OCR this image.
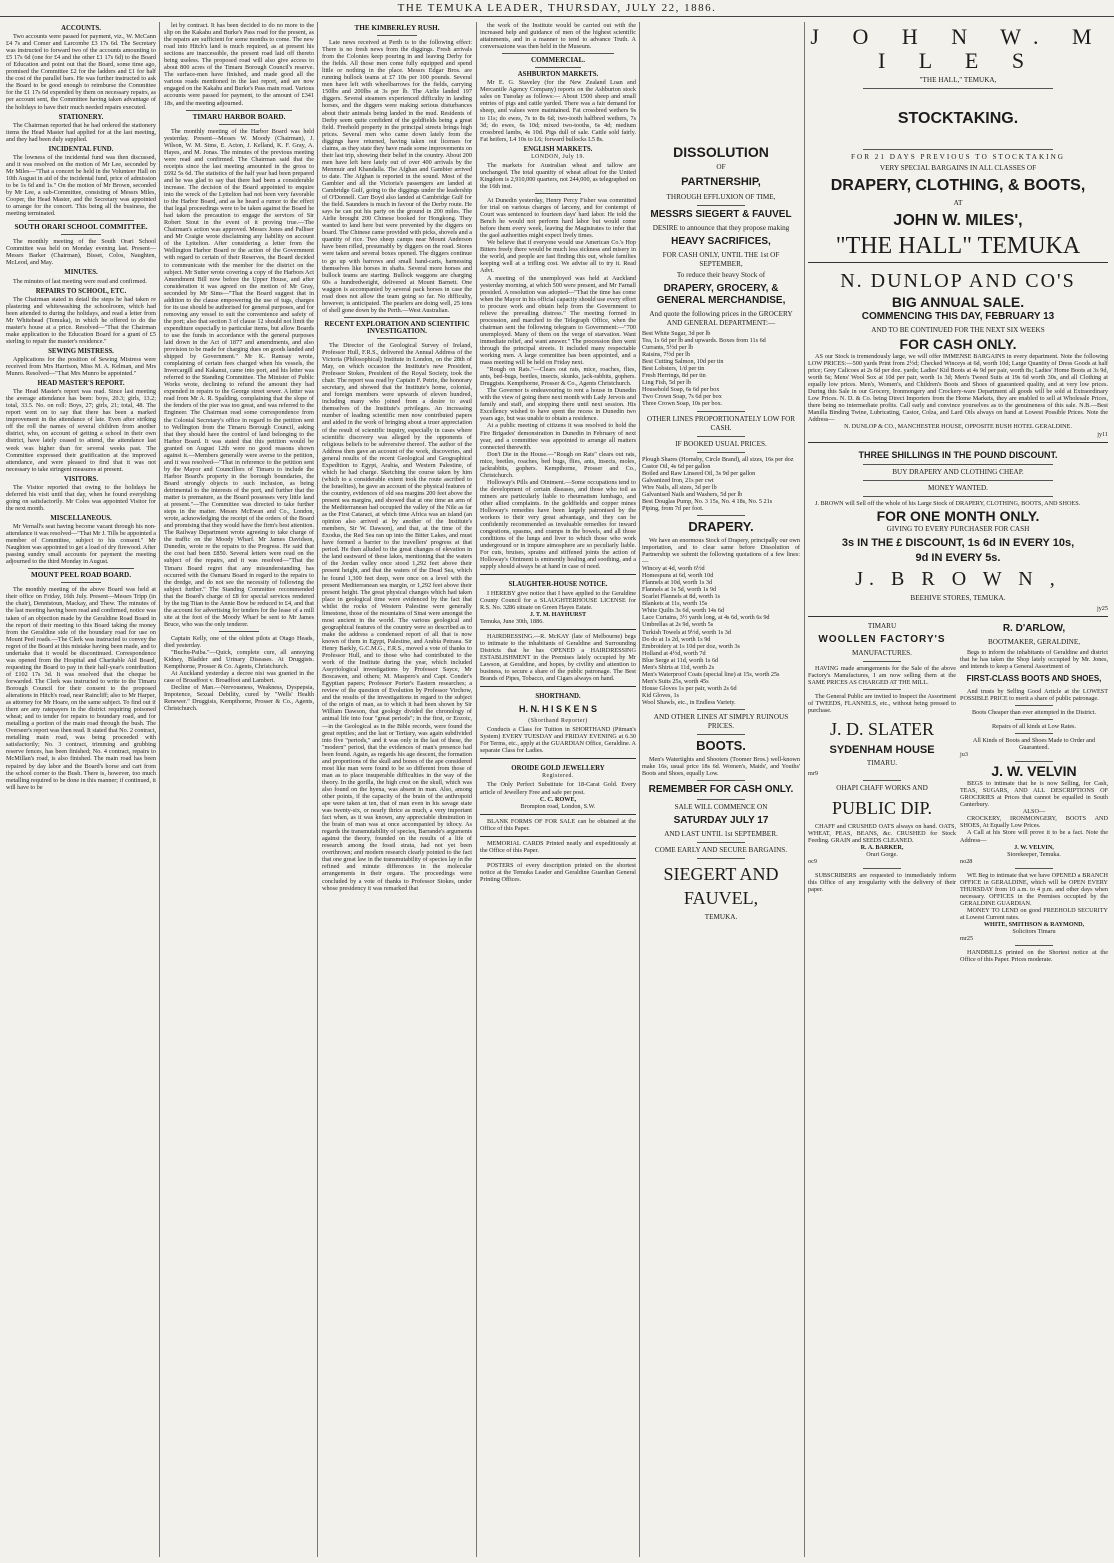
THE TEMUKA LEADER, THURSDAY, JULY 22, 1886.
ACCOUNTS.

Two accounts were passed for payment, viz., W. McCann £4 7s and Comer and Larcombe £3 17s 6d. The Secretary was instructed to forward two of the accounts amounting to £5 17s 6d (one for £4 and the other £1 17s 6d) to the Board of Education and point out that the Board, some time ago, promised the Committee £2 for the ladders and £1 for half the cost of the parallel bars. He was further instructed to ask the Board to be good enough to reimburse the Committee for the £1 17s 6d expended by them on necessary repairs, as per account sent, the Committee having taken advantage of the holidays to have their much needed repairs executed.

STATIONERY.

The Chairman reported that he had ordered the stationery items the Head Master had applied for at the last meeting, and they had been duly supplied.

INCIDENTAL FUND.

The lowness of the incidental fund was then discussed, and it was resolved on the motion of Mr Lee, seconded by Mr Miles—"That a concert be held in the Volunteer Hall on 10th August in aid of the incidental fund, price of admission to be 1s 6d and 1s." On the motion of Mr Brown, seconded by Mr Lee, a sub-Committee, consisting of Messrs Miles, Cooper, the Head Master, and the Secretary was appointed to arrange for the concert. This being all the business, the meeting terminated.

SOUTH ORARI SCHOOL COMMITTEE.

The monthly meeting of the South Orari School Committee was held on Monday evening last. Present—Messrs Barker (Chairman), Bisset, Colos, Naughten, McLeod, and May.

MINUTES.

The minutes of last meeting were read and confirmed.

REPAIRS TO SCHOOL, ETC.

The Chairman stated in detail the steps he had taken re plastering and whitewashing the schoolroom, which had been attended to during the holidays, and read a letter from Mr Whitehead (Temuka), in which he offered to do the master's house at a price. Resolved—"That the Chairman make application to the Education Board for a grant of £5 sterling to repair the master's residence."

SEWING MISTRESS.

Applications for the position of Sewing Mistress were received from Mrs Harrison, Miss M. A. Kelman, and Mrs Munro. Resolved—"That Mrs Munro be appointed."

HEAD MASTER'S REPORT.

The Head Master's report was read. Since last meeting the average attendance has been: boys, 20.3; girls, 13.2; total, 33.5. No. on roll: Boys, 27; girls, 21; total, 48. The report went on to say that there has been a marked improvement in the attendance of late. Even after striking off the roll the names of several children from another district, who, on account of getting a school in their own district, have lately ceased to attend, the attendance last week was higher than for several weeks past. The Committee expressed their gratification at the improved attendance, and were pleased to find that it was not necessary to take stringent measures at present.

VISITORS.

The Visitor reported that owing to the holidays he deferred his visit until that day, when he found everything going on satisfactorily. Mr Coles was appointed Visitor for the next month.

MISCELLANEOUS.

Mr Vernall's seat having become vacant through his non-attendance it was resolved—"That Mr J. Tills be appointed a member of Committee, subject to his consent." Mr Naughton was appointed to get a load of dry firewood. After passing sundry small accounts for payment the meeting adjourned to the third Monday in August.

MOUNT PEEL ROAD BOARD.

The monthly meeting of the above Board was held at their office on Friday, 16th July. Present—Messrs Tripp (in the chair), Dennistoun, Mackay, and Thew. The minutes of the last meeting having been read and confirmed, notice was taken of an objection made by the Geraldine Road Board in the report of their meeting to this Board taking the money from the Geraldine side of the boundary road for use on Mount Peel roads.—The Clerk was instructed to convey the regret of the Board at this mistake having been made, and to undertake that it would be discontinued. Correspondence was opened from the Hospital and Charitable Aid Board, requesting the Board to pay in their half-year's contribution of £102 17s 3d. It was resolved that the cheque be forwarded. The Clerk was instructed to write to the Timaru Borough Council for their consent to the proposed alterations in Hitch's road, near Raincliff; also to Mr Harper, as attorney for Mr Hoare, on the same subject. To find out if there are any ratepayers in the district requiring poisoned wheat; and to tender for repairs to boundary road, and for metalling a portion of the main road through the bush. The Overseer's report was then read. It stated that No. 2 contract, metalling main road, was being proceeded with satisfactorily; No. 3 contract, trimming and grubbing reserve fences, has been finished; No. 4 contract, repairs to McMillan's road, is also finished. The main road has been repaired by day labor and the Board's horse and cart from the school corner to the Bush. There is, however, too much metalling required to be done in this manner; if continued, it will have to be

let by contract. It has been decided to do no more to the slip on the Kakahu and Burke's Pass road for the present, as the repairs are sufficient for some months to come. The new road into Hitch's land is much required, as at present his sections are inaccessible, the present road laid off thereto being useless. The proposed road will also give access to about 800 acres of the Timaru Borough Council's reserve. The surface-men have finished, and made good all the various roads mentioned in the last report, and are now engaged on the Kakahu and Burke's Pass main road. Various accounts were passed for payment, to the amount of £341 18s, and the meeting adjourned.

TIMARU HARBOR BOARD.

The monthly meeting of the Harbor Board was held yesterday. Present—Messrs W. Moody (Chairman), J. Wilson, W. M. Sims, E. Acton, J. Kelland, K. F. Gray, A. Hayes, and M. Jonas. The minutes of the previous meeting were read and confirmed. The Chairman said that the receipts since the last meeting amounted in the gross to £692 5s 6d. The statistics of the half year had been prepared and he was glad to say that there had been a considerable increase. The decision of the Board appointed to enquire into the wreck of the Lyttelton had not been very favorable to the Harbor Board, and as he heard a rumor to the effect that legal proceedings were to be taken against the Board he had taken the precaution to engage the services of Sir Robert Stout in the event of it proving true.—The Chairman's action was approved. Messrs Jones and Palliser and Mr Craigie wrote disclaiming any liability on account of the Lyttelton. After considering a letter from the Wellington Harbor Board re the action of the Government with regard to certain of their Reserves, the Board decided to communicate with the member for the district on the subject. Mr Sutter wrote covering a copy of the Harbors Act Amendment Bill now before the Upper House, and after consideration it was agreed on the motion of Mr Gray, seconded by Mr Sims—"That the Board suggest that in addition to the clause empowering the use of tugs, charges for its use should be authorised for general purposes, and for removing any vessel to suit the convenience and safety of the port; also that section 3 of clause 12 should not limit the expenditure especially to particular items, but allow Boards to use the funds in accordance with the general purposes laid down in the Act of 1877 and amendments, and also provision to be made for charging dues on goods landed and shipped by Government." Mr K. Ramsay wrote, complaining of certain fees charged when his vessels, the Invercargill and Kakanui, came into port, and his letter was referred to the Standing Committee. The Minister of Public Works wrote, declining to refund the amount they had expended in repairs to the George street sewer. A letter was read from Mr A. R. Spalding, complaining that the slope of the fenders of the pier was too great, and was referred to the Engineer. The Chairman read some correspondence from the Colonial Secretary's office in regard to the petition sent to Wellington from the Timaru Borough Council, asking that they should have the control of land belonging to the Harbor Board. It was stated that this petition would be granted on August 12th were no good reasons shown against it.—Members generally were averse to the petition, and it was resolved—"That in reference to the petition sent by the Mayor and Councillors of Timaru to include the Harbor Board's property in the borough boundaries, the Board strongly objects to such inclusion, as being detrimental to the interests of the port, and further that the matter is premature, as the Board possesses very little land at present."—The Committee was directed to take further steps in the matter. Messrs McEwan and Co., London, wrote, acknowledging the receipt of the orders of the Board and promising that they would have the firm's best attention. The Railway Department wrote agreeing to take charge of the traffic on the Moody Wharf. Mr James Davidson, Dunedin, wrote re the repairs to the Progress. He said that the cost had been £850. Several letters were read on the subject of the repairs, and it was resolved—"That the Timaru Board regret that any misunderstanding has occurred with the Oamaru Board in regard to the repairs to the dredge, and do not see the necessity of following the subject further." The Standing Committee recommended that the Board's charge of £8 for special services rendered by the tug Titan to the Annie Bow be reduced to £4, and that the account for advertising for tenders for the lease of a mill site at the foot of the Moody Wharf be sent to Mr James Bruce, who was the only tenderer.

Captain Kelly, one of the oldest pilots at Otago Heads, died yesterday.

"Buchu-Paiba."—Quick, complete cure, all annoying Kidney, Bladder and Urinary Diseases. At Druggists. Kempthorne, Prosser & Co. Agents, Christchurch.

At Auckland yesterday a decree nisi was granted in the case of Broadfoot v. Broadfoot and Lambert.

Decline of Man.—Nervousness, Weakness, Dyspepsia, Impotence, Sexual Debility, cured by "Wells' Health Renewer." Druggists, Kempthorne, Prosser & Co., Agents, Christchurch.

THE KIMBERLEY RUSH.

Late news received at Perth is to the following effect: There is no fresh news from the diggings. Fresh arrivals from the Colonies keep pouring in and leaving Derby for the fields. All those men come fully equipped and spend little or nothing in the place. Messrs Edgar Bros. are running bullock teams at £7 10s per 100 pounds. Several men have left with wheelbarrows for the fields, carrying 150lbs and 200lbs at 3s per lb. The Airlie landed 197 diggers. Several steamers experienced difficulty in landing horses, and the diggers were making serious disturbances about their animals being landed in the mud. Residents of Derby seem quite confident of the goldfields being a great field. Freehold property in the principal streets brings high prices. Several men who came down lately from the diggings have returned, having taken out licenses for claims, as they state they have made some improvements on their last trip, showing their belief in the country. About 200 men have left here lately out of over 400 arrivals by the Menmuir and Khandalla. The Afghan and Gambier arrived to date. The Afghan is reported in the sound. Most of the Gambier and all the Victoria's passengers are landed at Cambridge Gulf, going to the diggings under the leadership of O'Donnell. Carr Boyd also landed at Cambridge Gulf for the field. Saunders is much in favour of the Derby route. He says he can put his party on the ground in 200 miles. The Airlie brought 200 Chinese booked for Hongkong. They wanted to land here but were prevented by the diggers on board. The Chinese came provided with picks, shovels and a quantity of rice. Two sheep camps near Mount Anderson have been rifled, presumably by diggers on the road. Stores were taken and several boxes opened. The diggers continue to go up with barrows and small hand-carts, harnessing themselves like horses in shafts. Several more horses and bullock teams are starting. Bullock waggons are charging 60s a hundredweight, delivered at Mount Barnett. One waggon is accompanied by several pack horses in case the road does not allow the team going so far. No difficulty, however, is anticipated. The pearlers are doing well, 25 tons of shell gone down by the Perth.—West Australian.

RECENT EXPLORATION AND SCIENTIFIC INVESTIGATION.

The Director of the Geological Survey of Ireland, Professor Hull, F.R.S., delivered the Annual Address of the Victoria (Philosophical) Institute in London, on the 28th of May, on which occasion the Institute's new President, Professor Stokes, President of the Royal Society, took the chair. The report was read by Captain F. Petrie, the honorary secretary, and showed that the Institute's home, colonial, and foreign members were upwards of eleven hundred, including many who joined from a desire to avail themselves of the Institute's privileges. An increasing number of leading scientific men now contributed papers and aided in the work of bringing about a truer appreciation of the result of scientific inquiry, especially in cases where scientific discovery was alleged by the opponents of religious beliefs to be subversive thereof. The author of the Address then gave an account of the work, discoveries, and general results of the recent Geological and Geographical Expedition to Egypt, Arabia, and Western Palestine, of which he had charge. Sketching the course taken by him (which to a considerable extent took the route ascribed to the Israelites), he gave an account of the physical features of the country, evidences of old sea margins 200 feet above the present sea margins, and showed that at one time an arm of the Mediterranean had occupied the valley of the Nile as far as the First Cataract, at which time Africa was an island (an opinion also arrived at by another of the Institute's members, Sir W. Dawson), and that, at the time of the Exodus, the Red Sea ran up into the Bitter Lakes, and must have formed a barrier to the travellers' progress at that period. He then alluded to the great changes of elevation in the land eastward of these lakes, mentioning that the waters of the Jordan valley once stood 1,292 feet above their present height, and that the waters of the Dead Sea, which he found 1,300 feet deep, were once on a level with the present Mediterranean sea margin, or 1,292 feet above their present height. The great physical changes which had taken place in geological time were evidenced by the fact that whilst the rocks of Western Palestine were generally limestone, those of the mountains of Sinai were amongst the most ancient in the world. The various geological and geographical features of the country were so described as to make the address a condensed report of all that is now known of them in Egypt, Palestine, and Arabia Petraea. Sir Henry Barkly, G.C.M.G., F.R.S., moved a vote of thanks to Professor Hull, and to those who had contributed to the work of the Institute during the year, which included Assyriological investigations by Professor Sayce, Mr Boscawen, and others; M. Maspero's and Capt. Conder's Egyptian papers; Professor Porter's Eastern researches; a review of the question of Evolution by Professor Virchow, and the results of the investigations in regard to the subject of the origin of man, as to which it had been shown by Sir William Dawson, that geology divided the chronology of animal life into four "great periods"; in the first, or Eozoic,—in the Geological as in the Bible records, were found the great reptiles; and the last or Tertiary, was again subdivided into five "periods," and it was only in the last of these, the "modern" period, that the evidences of man's presence had been found. Again, as regards his age descent, the formation and proportions of the skull and bones of the ape considered most like man were found to be so different from those of man as to place insuperable difficulties in the way of the theory. In the gorilla, the high crest on the skull, which was also found on the hyena, was absent in man. Also, among other points, if the capacity of the brain of the anthropoid ape were taken at ten, that of man even in his savage state was twenty-six, or nearly thrice as much, a very important fact when, as it was known, any appreciable diminution in the brain of man was at once accompanied by idiocy. As regards the transmutability of species, Barrande's arguments against the theory, founded on the results of a life of research among the fossil strata, had not yet been overthrown; and modern research clearly pointed to the fact that one great law in the transmutability of species lay in the refined and minute differences in the molecular arrangements in their organs. The proceedings were concluded by a vote of thanks to Professor Stokes, under whose presidency it was remarked that

the work of the Institute would be carried out with the increased help and guidance of men of the highest scientific attainments, and in a manner to tend to advance Truth. A conversazione was then held in the Museum.

COMMERCIAL.
ASHBURTON MARKETS.

Mr E. G. Staveley (for the New Zealand Loan and Mercantile Agency Company) reports on the Ashburton stock sales on Tuesday as follows:— About 1500 sheep and small entries of pigs and cattle yarded. There was a fair demand for sheep, and values were maintained. Fat crossbred wethers 9s to 11s; do ewes, 7s to 8s 6d; two-tooth halfbred wethers, 7s 3d; do ewes, 6s 10d; mixed two-tooths, 6s 4d; medium crossbred lambs, 4s 10d. Pigs dull of sale. Cattle sold fairly. Fat heifers, L4 10s to L6; forward bullocks L5 8s.

ENGLISH MARKETS.
LONDON, July 19.

The markets for Australian wheat and tallow are unchanged. The total quantity of wheat afloat for the United Kingdom is 2,910,000 quarters, not 244,000, as telegraphed on the 16th inst.

At Dunedin yesterday, Henry Percy Fisher was committed for trial on various charges of larceny, and for contempt of Court was sentenced to fourteen days' hard labor. He told the Bench he would not perform hard labor but would come before them every week, leaving the Magistrates to infer that the gaol authorities might expect lively times.

We believe that if everyone would use American Co.'s Hop Bitters freely there would be much less sickness and misery in the world, and people are fast finding this out, whole families keeping well at a trifling cost. We advise all to try it. Read Advt.

A meeting of the unemployed was held at Auckland yesterday morning, at which 500 were present, and Mr Farnall presided. A resolution was adopted—"That the time has come when the Mayor in his official capacity should use every effort to procure work and obtain help from the Government to relieve the prevailing distress." The meeting formed in procession, and marched to the Telegraph Office, when the chairman sent the following telegram to Government:—"700 unemployed. Many of them on the verge of starvation. Want immediate relief, and want answer." The procession then went through the principal streets. It included many respectable working men. A large committee has been appointed, and a mass meeting will be held on Friday next.

"Rough on Rats."—Clears out rats, mice, roaches, flies, ants, bed-bugs, beetles, insects, skunks, jack-rabbits, gophers. Druggists. Kempthorne, Prosser & Co., Agents Christchurch.

The Governor is endeavouring to rent a house in Dunedin with the view of going there next month with Lady Jervois and family and staff, and stopping there until next session. His Excellency wished to have spent the recess in Dunedin two years ago, but was unable to obtain a residence.

At a public meeting of citizens it was resolved to hold the Fire Brigades' demonstration in Dunedin in February of next year, and a committee was appointed to arrange all matters connected therewith.

Don't Die in the House.—"Rough on Rats" clears out rats, mice, beetles, roaches, bed bugs, flies, ants, insects, moles, jackrabbits, gophers. Kempthorne, Prosser and Co., Christchurch.

Holloway's Pills and Ointment.—Some occupations tend to the development of certain diseases, and those who toil as miners are particularly liable to rheumatism lumbago, and other allied complaints. In the goldfields and copper mines Holloway's remedies have been largely patronised by the workers to their very great advantage, and they can be confidently recommended as invaluable remedies for inward congestions, spasms, and cramps in the bowels, and all those conditions of the lungs and liver to which those who work underground or in impure atmosphere are so peculiarly liable. For cuts, bruises, sprains and stiffened joints the action of Holloway's Ointment is eminently healing and soothing, and a supply should always be at hand in case of need.

SLAUGHTER-HOUSE NOTICE.

I HEREBY give notice that I have applied to the Geraldine County Council for a SLAUGHTERHOUSE LICENSE for R.S. No. 3286 situate on Green Hayes Estate.

J. T. M. HAYHURST
Temuka, June 30th, 1886.

HAIRDRESSING.—R. McKAY (late of Melbourne) begs to intimate to the inhabitants of Geraldine and Surrounding Districts that he has OPENED a HAIRDRESSING ESTABLISHMENT in the Premises lately occupied by Mr Lawson, at Geraldine, and hopes, by civility and attention to business, to secure a share of the public patronage. The Best Brands of Pipes, Tobacco, and Cigars always on hand.

SHORTHAND.
H. N. H I S K E N S
(Shorthand Reporter)

Conducts a Class for Tuition in SHORTHAND (Pitman's System) EVERY TUESDAY and FRIDAY EVENING at 6.30 For Terms, etc., apply at the GUARDIAN Office, Geraldine. A separate Class for Ladies.

OROIDE GOLD JEWELLERY
Registered.

The Only Perfect Substitute for 18-Carat Gold. Every article of Jewellery Free and safe per post.

C. C. ROWE,
Brompton road, London, S.W.

BLANK FORMS OF FOR SALE can be obtained at the Office of this Paper.

MEMORIAL CARDS Printed neatly and expeditiously at the Office of this Paper.

POSTERS of every description printed on the shortest notice at the Temuka Leader and Geraldine Guardian General Printing Offices.

DISSOLUTION
OF
PARTNERSHIP,
THROUGH EFFLUXION OF TIME,
MESSRS SIEGERT & FAUVEL
DESIRE to announce that they propose making
HEAVY SACRIFICES,
FOR CASH ONLY, UNTIL THE 1st OF SEPTEMBER,
To reduce their heavy Stock of
DRAPERY, GROCERY, & GENERAL MERCHANDISE,
And quote the following prices in the GROCERY AND GENERAL DEPARTMENT:—
Best White Sugar, 3d per lb
Tea, 1s 6d per lb and upwards. Boxes from 11s 6d
Currants, 5½d per lb
Raisins, 7½d per lb
Best Cutting Salmon, 10d per tin
Best Lobsters, 1/d per tin
Fresh Herrings, 8d per tin
Ling Fish, 5d per lb
Household Soap, 6s 6d per box
Two Crown Soap, 7s 6d per box
Three Crown Soap, 10s per box.
OTHER LINES PROPORTIONATELY LOW FOR CASH.
IF BOOKED USUAL PRICES.
Plough Shares (Hornsby, Circle Brand), all sizes, 16s per doz
Castor Oil, 4s 6d per gallon
Boiled and Raw Linseed Oil, 3s 9d per gallon
Galvanized Iron, 21s per cwt
Wire Nails, all sizes, 3d per lb
Galvanised Nails and Washers, 5d per lb
Best Douglas Pump, No. 3 15s, No. 4 18s, No. 5 21s
Piping, from 7d per foot.
DRAPERY.

We have an enormous Stock of Drapery, principally our own importation, and to clear same before Dissolution of Partnership we submit the following quotations of a few lines:—

Wincey at 4d, worth 6½d
Homespuns at 6d, worth 10d
Flannels at 10d, worth 1s 3d
Flannels at 1s 5d, worth 1s 9d
Scarlet Flannels at 8d, worth 1s
Blankets at 11s, worth 15s
White Quilts 3s 6d, worth 14s 6d
Lace Curtains, 3½ yards long, at 4s 6d, worth 6s 9d
Umbrellas at 2s 9d, worth 5s
Turkish Towels at 9½d, worth 1s 3d
Do do at 1s 2d, worth 1s 9d
Embroidery at 1s 10d per doz, worth 3s
Holland at 4½d, worth 7d
Blue Serge at 11d, worth 1s 6d
Men's Shirts at 11d, worth 2s
Men's Waterproof Coats (special line) at 15s, worth 25s
Men's Suits 25s, worth 45s
House Gloves 1s per pair, worth 2s 6d
Kid Gloves, 1s
Wool Shawls, etc., in Endless Variety.
AND OTHER LINES AT SIMPLY RUINOUS PRICES.
BOOTS.

Men's Watertights and Shooters (Toomer Bros.) well-known make 16s, usual price 18s 6d. Women's, Maids', and Youths' Boots and Shoes, equally Low.

REMEMBER FOR CASH ONLY.
SALE WILL COMMENCE ON
SATURDAY JULY 17
AND LAST UNTIL 1st SEPTEMBER.
COME EARLY AND SECURE BARGAINS.
SIEGERT AND FAUVEL,
TEMUKA.
J O H N W. M I L E S
"THE HALL," TEMUKA,
STOCKTAKING.
FOR 21 DAYS PREVIOUS TO STOCKTAKING
VERY SPECIAL BARGAINS IN ALL CLASSES OF
DRAPERY, CLOTHING, & BOOTS,
AT
JOHN W. MILES',
"THE HALL" TEMUKA
N. DUNLOP AND CO'S
BIG ANNUAL SALE.
COMMENCING THIS DAY, FEBRUARY 13
AND TO BE CONTINUED FOR THE NEXT SIX WEEKS
FOR CASH ONLY.

AS our Stock is tremendously large, we will offer IMMENSE BARGAINS in every department. Note the following LOW PRICES:—500 yards Print from 2½d; Checked Winceys at 6d, worth 10d; Large Quantity of Dress Goods at half price; Grey Calicoes at 2s 6d per doz. yards; Ladies' Kid Boots at 4s 9d per pair, worth 8s; Ladies' Home Boots at 3s 9d, worth 6s; Mens' Wool Sox at 10d per pair, worth 1s 3d; Men's Tweed Suits at 19s 6d worth 30s, and all Clothing at equally low prices. Men's, Women's, and Children's Boots and Shoes of guaranteed quality, and at very low prices. During this Sale in our Grocery, Ironmongery and Crockery-ware Department all goods will be sold at Extraordinary Low Prices. N. D. & Co. being Direct Importers from the Home Markets, they are enabled to sell at Wholesale Prices, there being no intermediate profits. Call early and convince yourselves as to the genuineness of this sale. N.B.—Best Manilla Binding Twine, Lubricating, Castor, Colza, and Lard Oils always on hand at Lowest Possible Prices. Note the Address—

N. DUNLOP & CO., MANCHESTER HOUSE, OPPOSITE BUSH HOTEL GERALDINE.
jy11
THREE SHILLINGS IN THE POUND DISCOUNT.
BUY DRAPERY AND CLOTHING CHEAP.
MONEY WANTED.

J. BROWN will Sell off the whole of his Large Stock of DRAPERY, CLOTHING, BOOTS, AND SHOES.

FOR ONE MONTH ONLY.
GIVING TO EVERY PURCHASER FOR CASH
3s IN THE £ DISCOUNT, 1s 6d IN EVERY 10s,
9d IN EVERY 5s.
J. B R O W N ,
BEEHIVE STORES, TEMUKA.
jy25
TIMARU
WOOLLEN FACTORY'S
MANUFACTURES.

HAVING made arrangements for the Sale of the above Factory's Manufactures, I am now selling them at the SAME PRICES AS CHARGED AT THE MILL.

The General Public are invited to Inspect the Assortment of TWEEDS, FLANNELS, etc., without being pressed to purchase.

J. D. SLATER
SYDENHAM HOUSE
TIMARU.
mr9
OHAPI CHAFF WORKS AND
PUBLIC DIP.

CHAFF and CRUSHED OATS always on hand. OATS, WHEAT, PEAS, BEANS, &c. CRUSHED for Stock Feeding. GRAIN and SEEDS CLEANED.

R. A. BARKER,
Orari Gorge.
oc9

SUBSCRIBERS are requested to immediately inform this Office of any irregularity with the delivery of their paper.

R. D'ARLOW,
BOOTMAKER, GERALDINE,

Begs to inform the inhabitants of Geraldine and district that he has taken the Shop lately occupied by Mr. Jones, and intends to keep a General Assortment of

FIRST-CLASS BOOTS AND SHOES,

And trusts by Selling Good Article at the LOWEST POSSIBLE PRICE to merit a share of public patronage.

Boots Cheaper than ever attempted in the District.
Repairs of all kinds at Low Rates.
All Kinds of Boots and Shoes Made to Order and Guaranteed.
ju3
J. W. VELVIN

BEGS to intimate that he is now Selling, for Cash, TEAS, SUGARS, AND ALL DESCRIPTIONS OF GROCERIES at Prices that cannot be equalled in South Canterbury.

ALSO—

CROCKERY, IRONMONGERY, BOOTS AND SHOES, At Equally Low Prices.

A Call at his Store will prove it to be a fact. Note the Address—

J. W. VELVIN,
Storekeeper, Temuka.
no28

WE Beg to intimate that we have OPENED a BRANCH OFFICE in GERALDINE, which will be OPEN EVERY THURSDAY from 10 a.m. to 4 p.m. and other days when necessary. OFFICES in the Premises occupied by the GERALDINE GUARDIAN.

MONEY TO LEND on good FREEHOLD SECURITY at Lowest Current rates.

WHITE, SMITHSON & RAYMOND,
Solicitors Timaru
mr25

HANDBILLS printed on the Shortest notice at the Office of this Paper. Prices moderate.
